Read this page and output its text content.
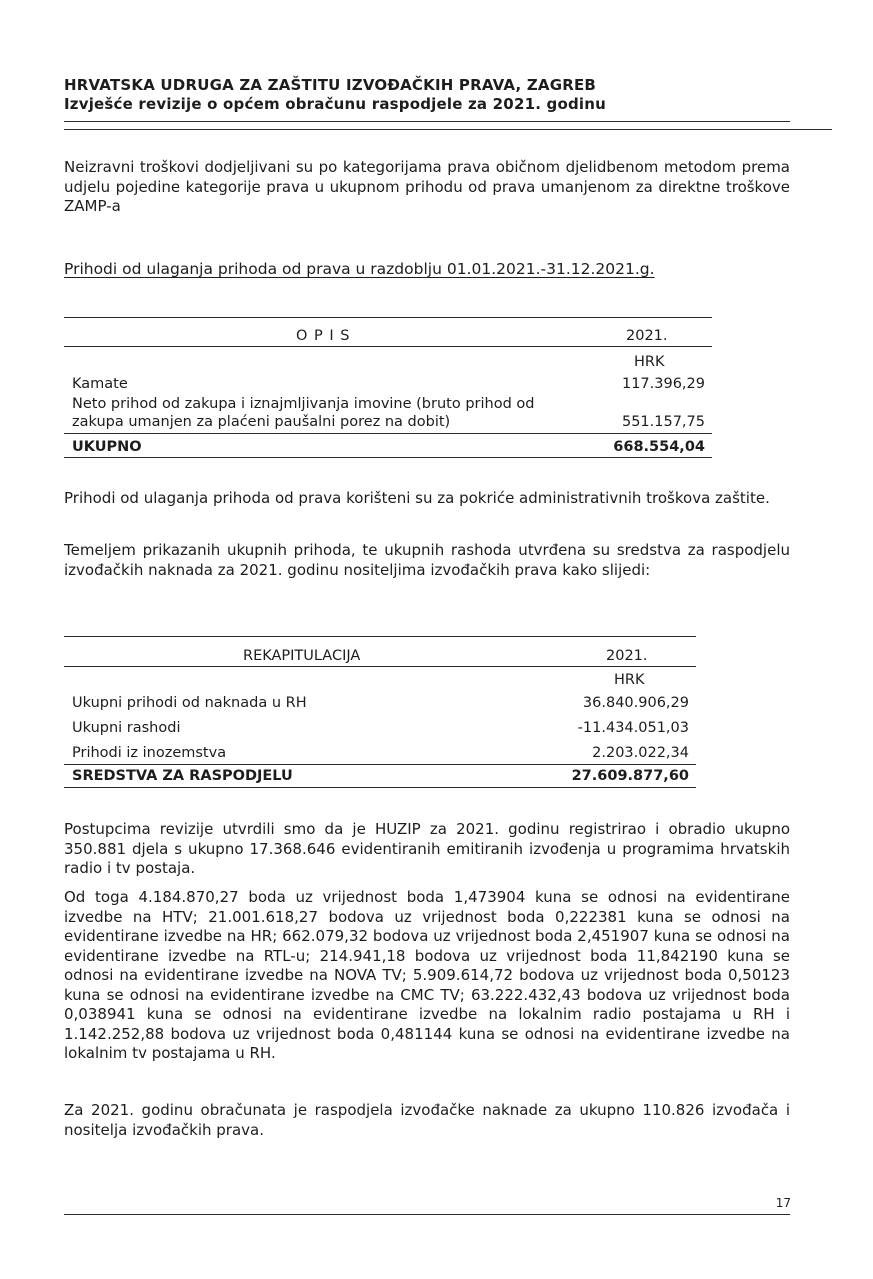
HRVATSKA UDRUGA ZA ZAŠTITU IZVOĐAČKIH PRAVA, ZAGREB
Izvješće revizije o općem obračunu raspodjele za 2021. godinu
Neizravni troškovi dodjeljivani su po kategorijama prava običnom djelidbenom metodom prema udjelu pojedine kategorije prava u ukupnom prihodu od prava umanjenom za direktne troškove ZAMP-a
Prihodi od ulaganja prihoda od prava u razdoblju 01.01.2021.-31.12.2021.g.
O P I S	2021.
HRK
Kamate	117.396,29
Neto prihod od zakupa i iznajmljivanja imovine (bruto prihod od
zakupa umanjen za plaćeni paušalni porez na dobit)	551.157,75
UKUPNO	668.554,04
Prihodi od ulaganja prihoda od prava korišteni su za pokriće administrativnih troškova zaštite.
Temeljem prikazanih ukupnih prihoda, te ukupnih rashoda utvrđena su sredstva za raspodjelu izvođačkih naknada za 2021. godinu nositeljima izvođačkih prava kako slijedi:
REKAPITULACIJA	2021.
HRK
Ukupni prihodi od naknada u RH	36.840.906,29
Ukupni rashodi	-11.434.051,03
Prihodi iz inozemstva	2.203.022,34
SREDSTVA ZA RASPODJELU	27.609.877,60
Postupcima revizije utvrdili smo da je HUZIP za 2021. godinu registrirao i obradio ukupno 350.881 djela s ukupno 17.368.646 evidentiranih emitiranih izvođenja u programima hrvatskih radio i tv postaja.
Od toga 4.184.870,27 boda uz vrijednost boda 1,473904 kuna se odnosi na evidentirane izvedbe na HTV; 21.001.618,27 bodova uz vrijednost boda 0,222381 kuna se odnosi na evidentirane izvedbe na HR; 662.079,32 bodova uz vrijednost boda 2,451907 kuna se odnosi na evidentirane izvedbe na RTL-u; 214.941,18 bodova uz vrijednost boda 11,842190 kuna se odnosi na evidentirane izvedbe na NOVA TV; 5.909.614,72 bodova uz vrijednost boda 0,50123 kuna se odnosi na evidentirane izvedbe na CMC TV; 63.222.432,43 bodova uz vrijednost boda 0,038941 kuna se odnosi na evidentirane izvedbe na lokalnim radio postajama u RH i 1.142.252,88 bodova uz vrijednost boda 0,481144 kuna se odnosi na evidentirane izvedbe na lokalnim tv postajama u RH.
Za 2021. godinu obračunata je raspodjela izvođačke naknade za ukupno 110.826 izvođača i nositelja izvođačkih prava.
17
